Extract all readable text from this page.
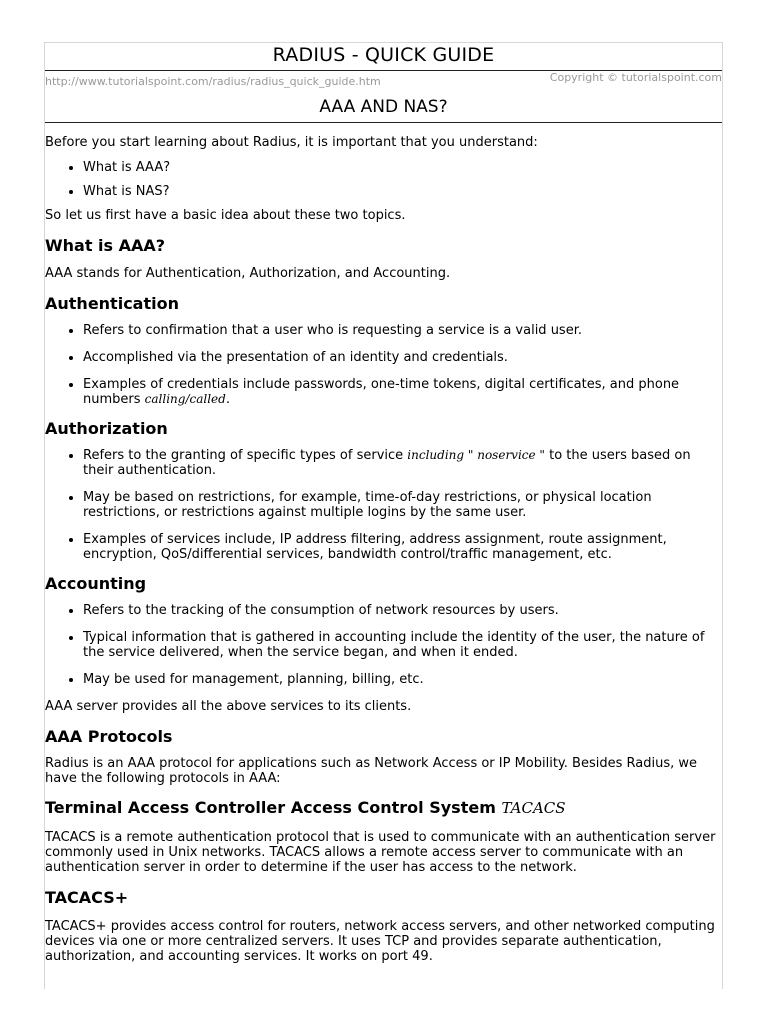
RADIUS - QUICK GUIDE
http://www.tutorialspoint.com/radius/radius_quick_guide.htm	Copyright © tutorialspoint.com
AAA AND NAS?

Before you start learning about Radius, it is important that you understand:

• What is AAA?
• What is NAS?

So let us first have a basic idea about these two topics.

What is AAA?

AAA stands for Authentication, Authorization, and Accounting.

Authentication
• Refers to confirmation that a user who is requesting a service is a valid user.
• Accomplished via the presentation of an identity and credentials.
• Examples of credentials include passwords, one-time tokens, digital certificates, and phone numbers calling/called.
Authorization
• Refers to the granting of specific types of service including " noservice " to the users based on their authentication.
• May be based on restrictions, for example, time-of-day restrictions, or physical location restrictions, or restrictions against multiple logins by the same user.
• Examples of services include, IP address filtering, address assignment, route assignment, encryption, QoS/differential services, bandwidth control/traffic management, etc.
Accounting
• Refers to the tracking of the consumption of network resources by users.
• Typical information that is gathered in accounting include the identity of the user, the nature of the service delivered, when the service began, and when it ended.
• May be used for management, planning, billing, etc.

AAA server provides all the above services to its clients.

AAA Protocols

Radius is an AAA protocol for applications such as Network Access or IP Mobility. Besides Radius, we have the following protocols in AAA:

Terminal Access Controller Access Control System TACACS

TACACS is a remote authentication protocol that is used to communicate with an authentication server commonly used in Unix networks. TACACS allows a remote access server to communicate with an authentication server in order to determine if the user has access to the network.

TACACS+

TACACS+ provides access control for routers, network access servers, and other networked computing devices via one or more centralized servers. It uses TCP and provides separate authentication, authorization, and accounting services. It works on port 49.
